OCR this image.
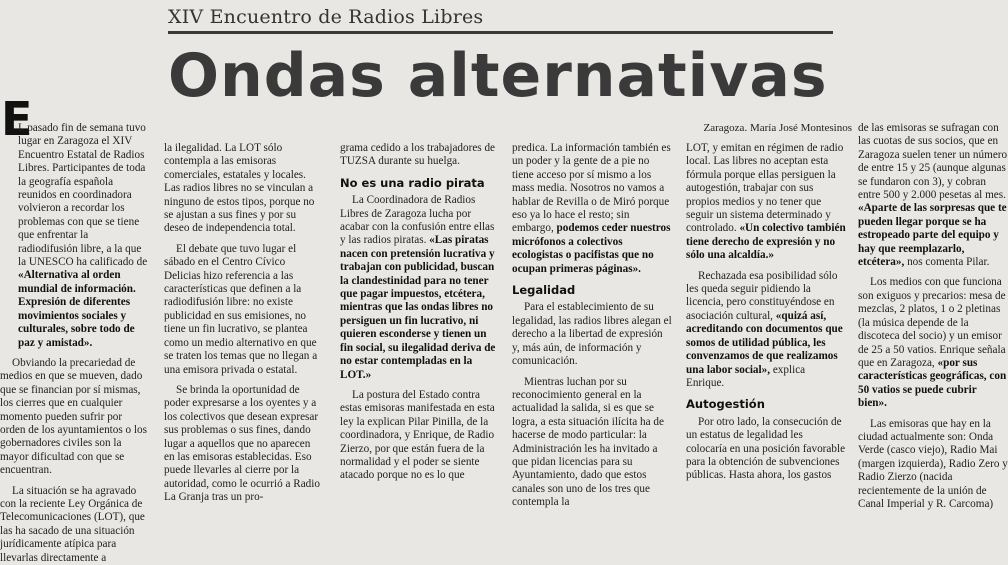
XIV Encuentro de Radios Libres
Ondas alternativas
Zaragoza. María José Montesinos
E

L pasado fin de semana tuvo lugar en Zaragoza el XIV Encuentro Estatal de Radios Libres. Participantes de toda la geografía española reunidos en coordinadora volvieron a recordar los problemas con que se tiene que enfrentar la radiodifusión libre, a la que la UNESCO ha calificado de «Alternativa al orden mundial de información. Expresión de diferentes movimientos sociales y culturales, sobre todo de paz y amistad».

Obviando la precariedad de medios en que se mueven, dado que se financian por sí mismas, los cierres que en cualquier momento pueden sufrir por orden de los ayuntamientos o los gobernadores civiles son la mayor dificultad con que se encuentran.

La situación se ha agravado con la reciente Ley Orgánica de Telecomunicaciones (LOT), que las ha sacado de una situación jurídicamente atípica para llevarlas directamente a

la ilegalidad. La LOT sólo contempla a las emisoras comerciales, estatales y locales. Las radios libres no se vinculan a ninguno de estos tipos, porque no se ajustan a sus fines y por su deseo de independencia total.

El debate que tuvo lugar el sábado en el Centro Cívico Delicias hizo referencia a las características que definen a la radiodifusión libre: no existe publicidad en sus emisiones, no tiene un fin lucrativo, se plantea como un medio alternativo en que se traten los temas que no llegan a una emisora privada o estatal.

Se brinda la oportunidad de poder expresarse a los oyentes y a los colectivos que desean expresar sus problemas o sus fines, dando lugar a aquellos que no aparecen en las emisoras establecidas. Eso puede llevarles al cierre por la autoridad, como le ocurrió a Radio La Granja tras un pro-

grama cedido a los trabajadores de TUZSA durante su huelga.

No es una radio pirata

La Coordinadora de Radios Libres de Zaragoza lucha por acabar con la confusión entre ellas y las radios piratas. «Las piratas nacen con pretensión lucrativa y trabajan con publicidad, buscan la clandestinidad para no tener que pagar impuestos, etcétera, mientras que las ondas libres no persiguen un fin lucrativo, ni quieren esconderse y tienen un fin social, su ilegalidad deriva de no estar contempladas en la LOT.»

La postura del Estado contra estas emisoras manifestada en esta ley la explican Pilar Pinilla, de la coordinadora, y Enrique, de Radio Zierzo, por que están fuera de la normalidad y el poder se siente atacado porque no es lo que

predica. La información también es un poder y la gente de a pie no tiene acceso por sí mismo a los mass media. Nosotros no vamos a hablar de Revilla o de Miró porque eso ya lo hace el resto; sin embargo, podemos ceder nuestros micrófonos a colectivos ecologistas o pacifistas que no ocupan primeras páginas».

Legalidad

Para el establecimiento de su legalidad, las radios libres alegan el derecho a la libertad de expresión y, más aún, de información y comunicación.

Mientras luchan por su reconocimiento general en la actualidad la salida, si es que se logra, a esta situación ilícita ha de hacerse de modo particular: la Administración les ha invitado a que pidan licencias para su Ayuntamiento, dado que estos canales son uno de los tres que contempla la

LOT, y emitan en régimen de radio local. Las libres no aceptan esta fórmula porque ellas persiguen la autogestión, trabajar con sus propios medios y no tener que seguir un sistema determinado y controlado. «Un colectivo también tiene derecho de expresión y no sólo una alcaldía.»

Rechazada esa posibilidad sólo les queda seguir pidiendo la licencia, pero constituyéndose en asociación cultural, «quizá así, acreditando con documentos que somos de utilidad pública, les convenzamos de que realizamos una labor social», explica Enrique.

Autogestión

Por otro lado, la consecución de un estatus de legalidad les colocaría en una posición favorable para la obtención de subvenciones públicas. Hasta ahora, los gastos

de las emisoras se sufragan con las cuotas de sus socios, que en Zaragoza suelen tener un número de entre 15 y 25 (aunque algunas se fundaron con 3), y cobran entre 500 y 2.000 pesetas al mes. «Aparte de las sorpresas que te pueden llegar porque se ha estropeado parte del equipo y hay que reemplazarlo, etcétera», nos comenta Pilar.

Los medios con que funciona son exiguos y precarios: mesa de mezclas, 2 platos, 1 o 2 pletinas (la música depende de la discoteca del socio) y un emisor de 25 a 50 vatios. Enrique señala que en Zaragoza, «por sus características geográficas, con 50 vatios se puede cubrir bien».

Las emisoras que hay en la ciudad actualmente son: Onda Verde (casco viejo), Radio Mai (margen izquierda), Radio Zero y Radio Zierzo (nacida recientemente de la unión de Canal Imperial y R. Carcoma)
